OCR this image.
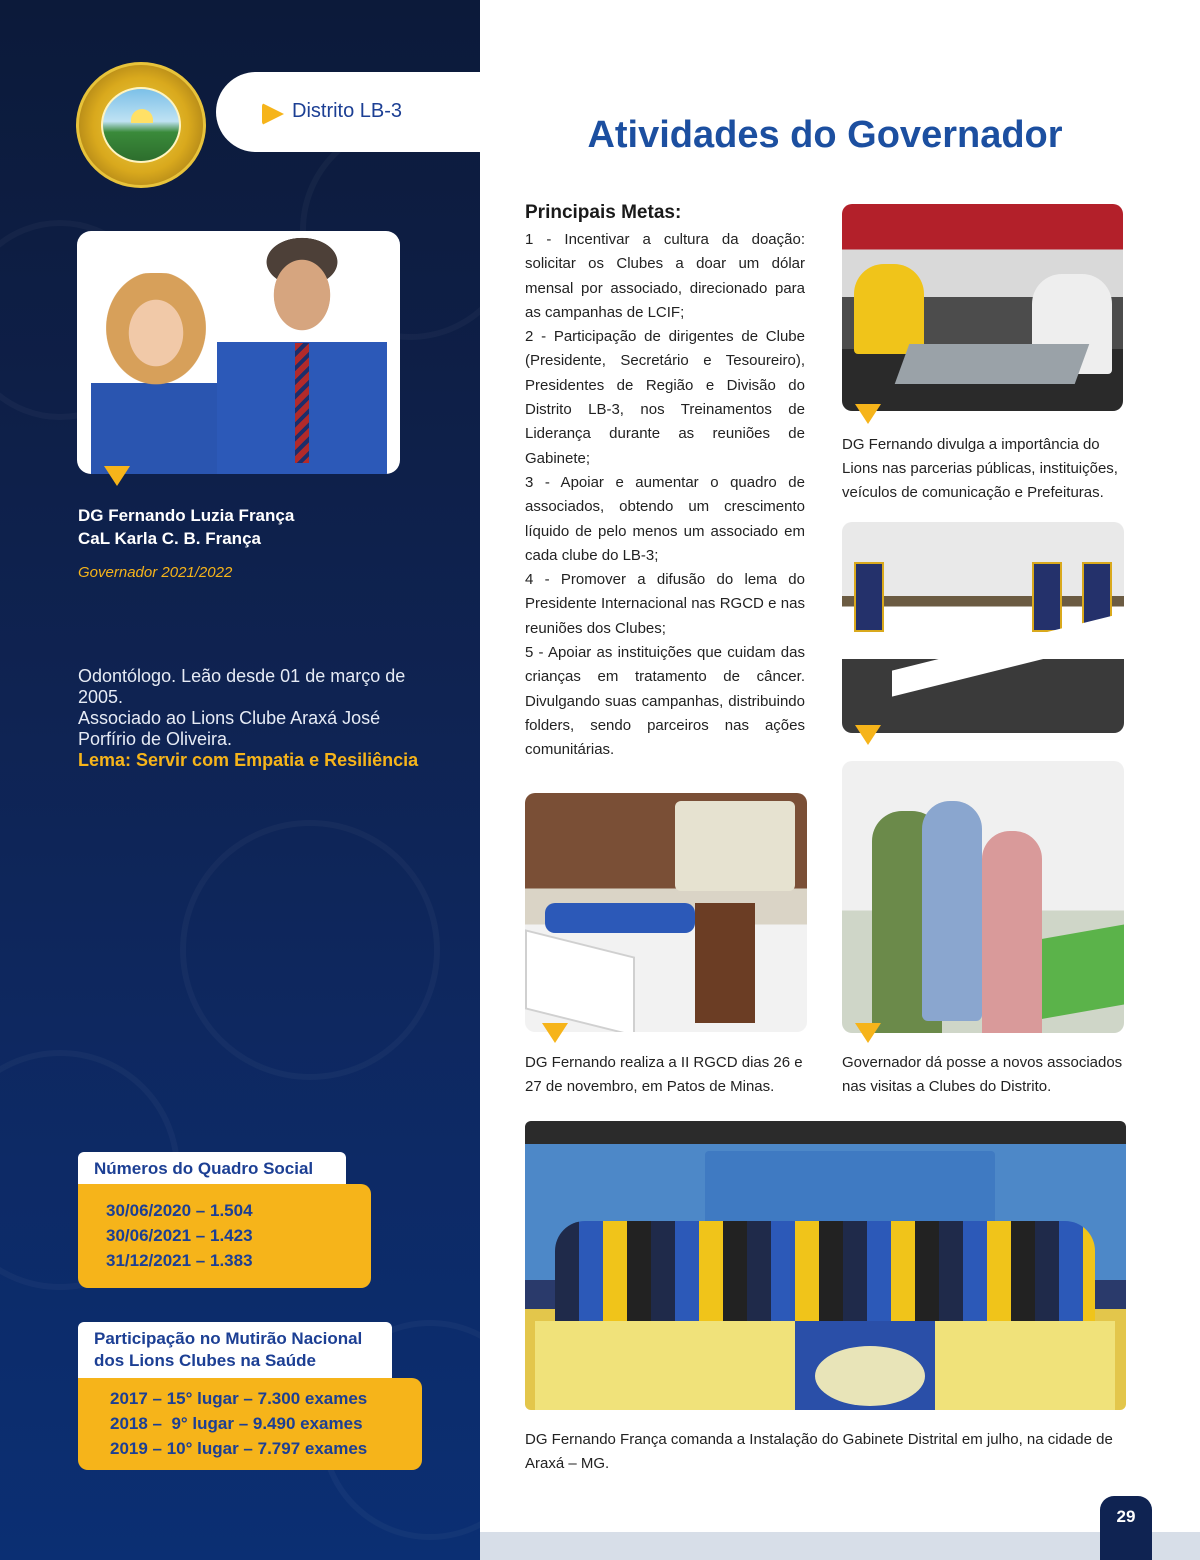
Distrito LB-3
DG Fernando Luzia França
CaL Karla C. B. França
Governador 2021/2022
Odontólogo. Leão desde 01 de março de 2005.
Associado ao Lions Clube Araxá José Porfírio de Oliveira.
Lema: Servir com Empatia e Resiliência
Números do Quadro Social
30/06/2020 – 1.504
30/06/2021 – 1.423
31/12/2021 – 1.383
Participação no Mutirão Nacional
dos Lions Clubes na Saúde
2017 – 15° lugar – 7.300 exames
2018 –  9° lugar – 9.490 exames
2019 – 10° lugar – 7.797 exames
Atividades do Governador
Principais Metas:
1 - Incentivar a cultura da doação: solicitar os Clubes a doar um dólar mensal por associado, direcionado para as campanhas de LCIF;
2 - Participação de dirigentes de Clube (Presidente, Secretário e Tesoureiro), Presidentes de Região e Divisão do Distrito LB-3, nos Treinamentos de Liderança durante as reuniões de Gabinete;
3 - Apoiar e aumentar o quadro de associados, obtendo um crescimento líquido de pelo menos um associado em cada clube do LB-3;
4 - Promover a difusão do lema do Presidente Internacional nas RGCD e nas reuniões dos Clubes;
5 - Apoiar as instituições que cuidam das crianças em tratamento de câncer. Divulgando suas campanhas, distribuindo folders, sendo parceiros nas ações comunitárias.
DG Fernando divulga a importância do Lions nas parcerias públicas, instituições, veículos de comunicação e Prefeituras.
DG Fernando realiza a II RGCD dias 26 e 27 de novembro, em Patos de Minas.
Governador dá posse a novos associados nas visitas a Clubes do Distrito.
DG Fernando França comanda a Instalação do Gabinete Distrital em julho, na cidade de Araxá – MG.
29
